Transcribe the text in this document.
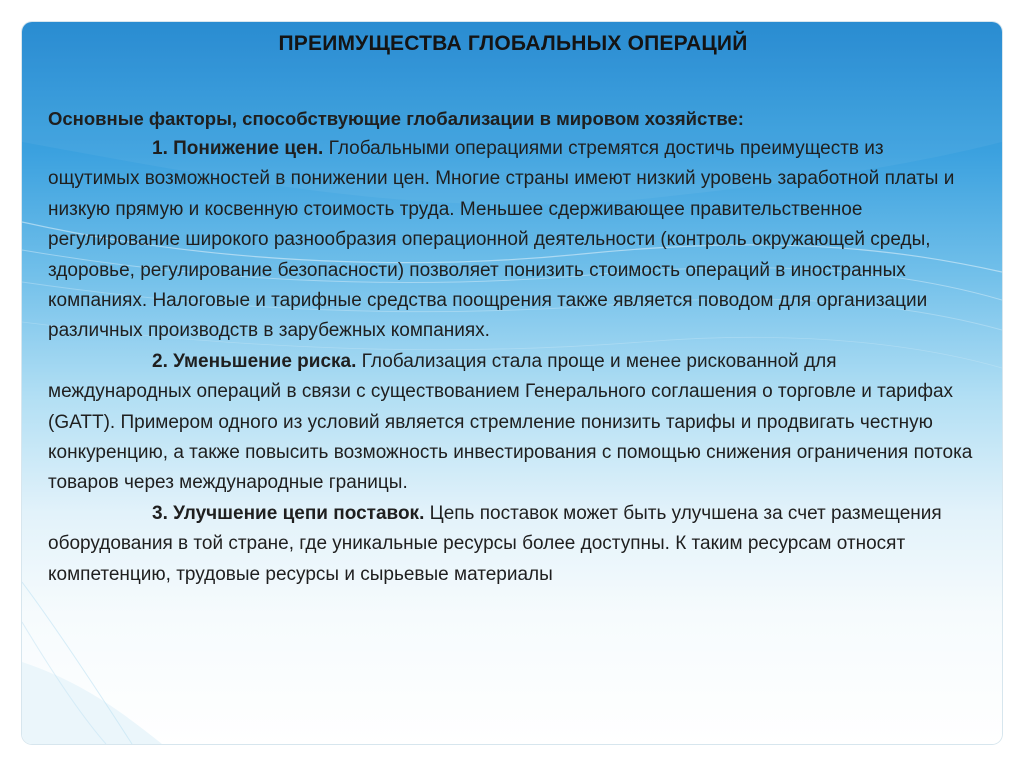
ПРЕИМУЩЕСТВА ГЛОБАЛЬНЫХ ОПЕРАЦИЙ
Основные факторы, способствующие глобализации в мировом хозяйстве:

1. Понижение цен. Глобальными операциями стремятся достичь преимуществ из ощутимых возможностей в понижении цен. Многие страны имеют низкий уровень заработной платы и низкую прямую и косвенную стоимость труда. Меньшее сдерживающее правительственное регулирование широкого разнообразия операционной деятельности (контроль окружающей среды, здоровье, регулирование безопасности) позволяет понизить стоимость операций в иностранных компаниях. Налоговые и тарифные средства поощрения также является поводом для организации различных производств в зарубежных компаниях.

2. Уменьшение риска. Глобализация стала проще и менее рискованной для международных операций в связи с существованием Генерального соглашения о торговле и тарифах (GATT). Примером одного из условий является стремление понизить тарифы и продвигать честную конкуренцию, а также повысить возможность инвестирования с помощью снижения ограничения потока товаров через международные границы.

3. Улучшение цепи поставок. Цепь поставок может быть улучшена за счет размещения оборудования в той стране, где уникальные ресурсы более доступны. К таким ресурсам относят компетенцию, трудовые ресурсы и сырьевые материалы
